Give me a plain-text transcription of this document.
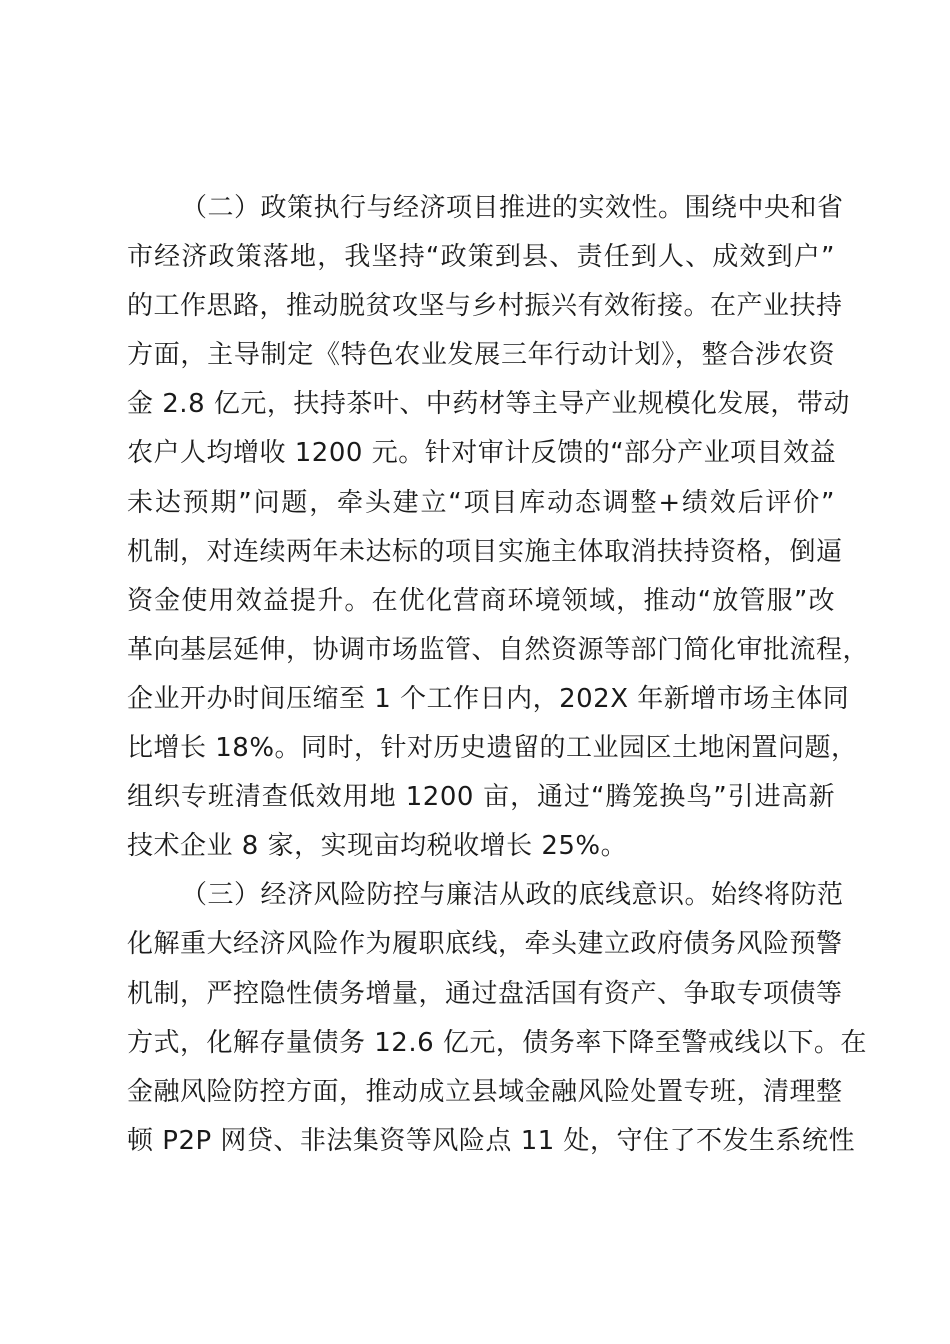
（二）政策执行与经济项目推进的实效性。围绕中央和省
市经济政策落地，我坚持“政策到县、责任到人、成效到户”
的工作思路，推动脱贫攻坚与乡村振兴有效衔接。在产业扶持
方面，主导制定《特色农业发展三年行动计划》，整合涉农资
金 2.8 亿元，扶持茶叶、中药材等主导产业规模化发展，带动
农户人均增收 1200 元。针对审计反馈的“部分产业项目效益
未达预期”问题，牵头建立“项目库动态调整+绩效后评价”
机制，对连续两年未达标的项目实施主体取消扶持资格，倒逼
资金使用效益提升。在优化营商环境领域，推动“放管服”改
革向基层延伸，协调市场监管、自然资源等部门简化审批流程，
企业开办时间压缩至 1 个工作日内，202X 年新增市场主体同
比增长 18%。同时，针对历史遗留的工业园区土地闲置问题，
组织专班清查低效用地 1200 亩，通过“腾笼换鸟”引进高新
技术企业 8 家，实现亩均税收增长 25%。
（三）经济风险防控与廉洁从政的底线意识。始终将防范
化解重大经济风险作为履职底线，牵头建立政府债务风险预警
机制，严控隐性债务增量，通过盘活国有资产、争取专项债等
方式，化解存量债务 12.6 亿元，债务率下降至警戒线以下。在
金融风险防控方面，推动成立县域金融风险处置专班，清理整
顿 P2P 网贷、非法集资等风险点 11 处，守住了不发生系统性
